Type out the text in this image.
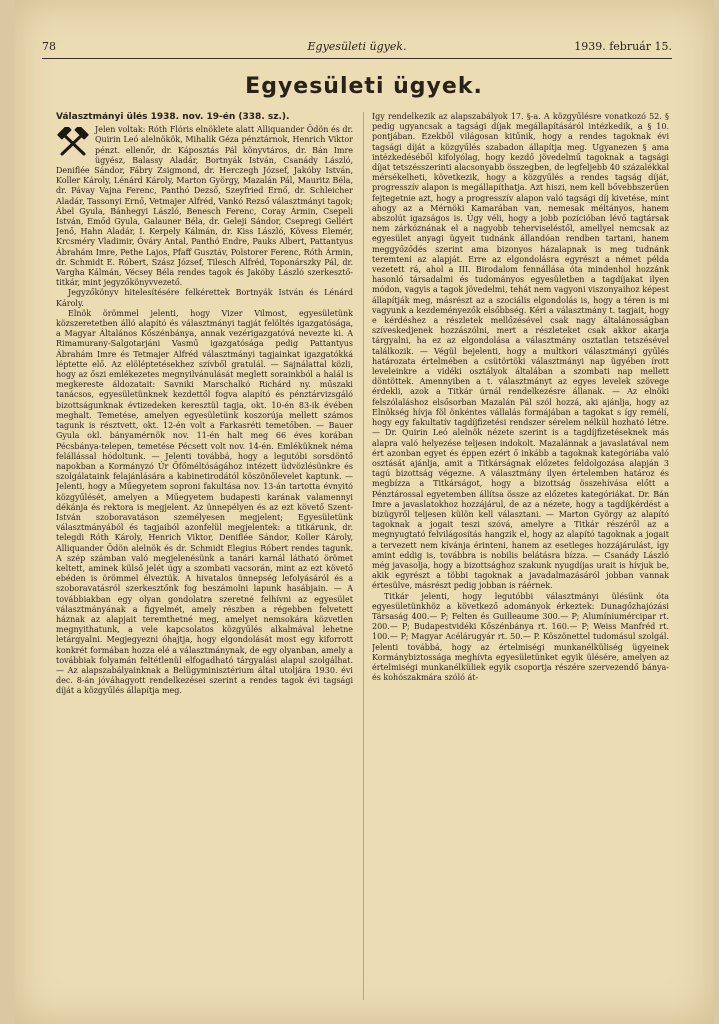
78	Egyesületi ügyek.	1939. február 15.
Egyesületi ügyek.
Választmányi ülés 1938. nov. 19-én (338. sz.).

Jelen voltak: Róth Flóris elnöklete alatt Alliquander Ödön és dr. Quirin Leó alelnökök, Mihalik Géza pénztárnok, Henrich Viktor pénzt. ellenőr, dr. Káposztás Pál könyvtáros, dr. Bán Imre ügyész, Balassy Aladár, Bortnyák István, Csanády László, Deniflée Sándor, Fábry Zsigmond, dr. Herczegh József, Jakóby István, Koller Károly, Lénárd Károly, Marton György, Mazalán Pál, Mauritz Béla, dr. Pávay Vajna Ferenc, Panthó Dezső, Szeyfried Ernő, dr. Schleicher Aladár, Tassonyi Ernő, Vetmajer Alfréd, Vankó Rezső választmányi tagok; Ábel Gyula, Bánhegyi László, Benesch Ferenc, Coray Ármin, Csepeli István, Emőd Gyula, Galauner Béla, dr. Geleji Sándor, Csepregi Gellért Jenő, Hahn Aladár, I. Kerpely Kálmán, dr. Kiss László, Kövess Elemér, Krcsméry Vladimir, Óváry Antal, Panthó Endre, Pauks Albert, Pattantyus Ábrahám Imre, Pethe Lajos, Pfaff Gusztáv, Polstorer Ferenc, Róth Ármin, dr. Schmidt E. Róbert, Szász József, Tilesch Alfréd, Toponárszky Pál, dr. Vargha Kálmán, Vécsey Béla rendes tagok és Jakóby László szerkesztő-titkár, mint jegyzőkönyvvezető.

Jegyzőkönyv hitelesítésére felkérettek Bortnyák István és Lénárd Károly.

Elnök örömmel jelenti, hogy Vizer Vilmost, egyesületünk közszeretetben álló alapító és választmányi tagját felöltés igazgatósága, a Magyar Általános Kőszénbánya, annak vezérigazgatóvá nevezte ki. A Rimamurany-Salgotarjáni Vasmű igazgatósága pedig Pattantyus Ábrahám Imre és Tetmajer Alfréd választmányi tagjainkat igazgatókká léptette elő. Az elöléptetésekhez szívből gratulál. — Sajnálattal közli, hogy az őszi emlékezetes megnyilvánulását meglett sorainkból a halál is megkereste áldozatait: Savniki Marschalkó Richárd ny. műszaki tanácsos, egyesületünknek kezdettől fogva alapító és pénztárvizsgáló bizottságunknak évtizedeken keresztül tagja, okt. 10-én 83-ik évében meghalt. Temetése, amelyen egyesületünk koszorúja mellett számos tagunk is résztvett, okt. 12-én volt a Farkasréti temetőben. — Bauer Gyula okl. bányamérnök nov. 11-én halt meg 66 éves korában Pécsbánya-telepen, temetése Pécsett volt nov. 14-én. Emléküknek néma felállással hódoltunk. — Jelenti továbbá, hogy a legutóbi sorsdöntő napokban a Kormányzó Úr Őfőméltóságához intézett üdvözlésünkre és szolgálataink felajánlására a kabinetirodától köszönőlevelet kaptunk. — Jelenti, hogy a Műegyetem soproni fakultása nov. 13-án tartotta évnyitó közgyűlését, amelyen a Műegyetem budapesti karának valamennyi dékánja és rektora is megjelent. Az ünnepélyen és az ezt követő Szent-István szoboravatáson személyesen megjelent; Egyesületünk választmányából és tagjaiból azonfelül megjelentek: a titkárunk, dr. telegdi Róth Károly, Henrich Viktor, Deniflée Sándor, Koller Károly, Alliquander Ödön alelnök és dr. Schmidt Elegius Róbert rendes tagunk. A szép számban való megjelenésünk a tanári karnál látható örömet keltett, aminek külső jelét úgy a szombati vacsorán, mint az ezt követő ebéden is örömmel élveztük. A hivatalos ünnepség lefolyásáról és a szoboravatásról szerkesztőnk fog beszámolni lapunk hasábjain. — A továbbiakban egy olyan gondolatra szeretné felhívni az egyesület választmányának a figyelmét, amely részben a régebben felvetett háznak az alapjait teremthetné meg, amelyet nemsokára közvetlen megnyithatunk, a vele kapcsolatos közgyűlés alkalmával lehetne letárgyalni. Megjegyezni óhajtja, hogy elgondolását most egy kiforrott konkrét formában hozza elé a választmánynak, de egy olyanban, amely a továbbiak folyamán feltétlenül elfogadható tárgyalási alapul szolgálhat. — Az alapszabályainknak a Belügyminisztérium által utoljára 1930. évi dec. 8-án jóváhagyott rendelkezései szerint a rendes tagok évi tagsági díját a közgyűlés állapítja meg.

Így rendelkezik az alapszabályok 17. §-a. A közgyűlésre vonatkozó 52. § pedig ugyancsak a tagsági díjak megállapításáról intézkedik, a § 10. pontjában. Ezekből világosan kitűnik, hogy a rendes tagoknak évi tagsági díját a közgyűlés szabadon állapítja meg. Ugyanezen § ama intézkedéséből kifolyólag, hogy kezdő jövedelmű tagoknak a tagsági díjat tetszésszerinti alacsonyabb összegben, de legfeljebb 40 százalékkal mérsékelheti, következik, hogy a közgyűlés a rendes tagság díját, progresszív alapon is megállapíthatja. Azt hiszi, nem kell bővebbszerűen fejtegetnie azt, hogy a progresszív alapon való tagsági díj kivetése, mint ahogy az a Mérnöki Kamarában van, nemesak méltányos, hanem abszolút igazságos is. Úgy véli, hogy a jobb pozícióban lévő tagtársak nem zárkóznának el a nagyobb teherviseléstől, amellyel nemcsak az egyesület anyagi ügyeit tudnánk állandóan rendben tartani, hanem meggyőződés szerint ama bizonyos házalapnak is meg tudnánk teremteni az alapját. Erre az elgondolásra egyrészt a német példa vezetett rá, ahol a III. Birodalom fennállása óta mindenhol hozzánk hasonló társadalmi és tudományos egyesületben a tagdíjakat ilyen módon, vagyis a tagok jövedelmi, tehát nem vagyoni viszonyaihoz képest állapítják meg, másrészt az a szociális elgondolás is, hogy a téren is mi vagyunk a kezdeményezők elsőbbség. Kéri a választmány t. tagjait, hogy e kérdéshez a részletek mellőzésével csak nagy általánosságban szíveskedjenek hozzászólni, mert a részleteket csak akkor akarja tárgyalni, ha ez az elgondolása a választmány osztatlan tetszésével találkozik. — Végül bejelenti, hogy a multkori választmányi gyűlés határozata értelmében a csütörtöki választmányi nap ügyében írott leveleinkre a vidéki osztályok általában a szombati nap mellett döntöttek. Amennyiben a t. választmányt az egyes levelek szövege érdekli, azok a Titkár úrnál rendelkezésre állanak. — Az elnöki felszólaláshoz elsősorban Mazalán Pál szól hozzá, aki ajánlja, hogy az Elnökség hívja föl önkéntes vállalás formájában a tagokat s így remélí, hogy egy fakultatív tagdíjfizetési rendszer sérelem nélkül hozható létre. — Dr. Quirin Leó alelnök nézete szerint is a tagdíjfizetéseknek más alapra való helyezése teljesen indokolt. Mazalánnak a javaslatával nem ért azonban egyet és éppen ezért ő inkább a tagoknak kategóriába való osztását ajánlja, amit a Titkárságnak előzetes feldolgozása alapján 3 tagú bizottság végezne. A választmány ilyen értelemben határoz és megbízza a Titkárságot, hogy a bizottság összehívása előtt a Pénztárossal egyetemben állítsa össze az előzetes kategóriákat. Dr. Bán Imre a javaslatokhoz hozzájárul, de az a nézete, hogy a tagdíjkérdést a bizügyről teljesen külön kell választani. — Marton György az alapító tagoknak a jogait teszi szóvá, amelyre a Titkár részéről az a megnyugtató felvilágosítás hangzik el, hogy az alapító tagoknak a jogait a tervezett nem kívánja érinteni, hanem az esetleges hozzájárulást, így amint eddig is, továbbra is nobilis belátásra bízza. — Csanády László még javasolja, hogy a bizottsághoz szakunk nyugdíjas urait is hívjuk be, akik egyrészt a többi tagoknak a javadalmazásáról jobban vannak értesülve, másrészt pedig jobban is ráérnek.

Titkár jelenti, hogy legutóbbi választmányi ülésünk óta egyesületünkhöz a következő adományok érkeztek: Dunagőzhajózási Társaság 400.— P; Felten és Guilleaume 300.— P; Alumíniumércipar rt. 200.— P; Budapestvidéki Kőszénbánya rt. 160.— P; Weiss Manfréd rt. 100.— P; Magyar Acélárugyár rt. 50.— P. Köszönettel tudomásul szolgál. Jelenti továbbá, hogy az értelmiségi munkanélküliség ügyeinek Kormánybiztossága meghívta egyesületünket egyik ülésére, amelyen az értelmiségi munkanélküliek egyik csoportja részére szervezendő bánya- és kohószakmára szóló át-
